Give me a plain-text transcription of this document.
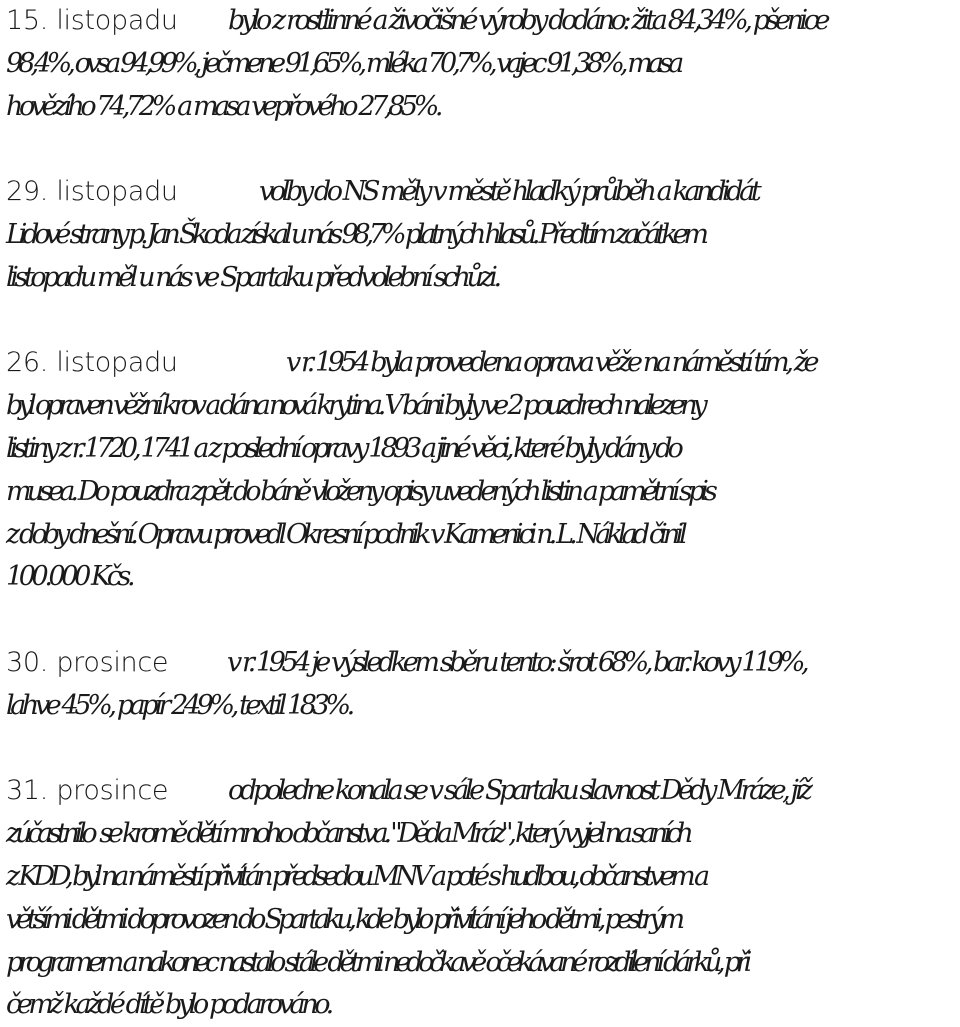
15. listopadu bylo z rostlinné a živočišné výroby dodáno: žita 84,34%, pšenice
98,4%, ovsa 94,99%, ječmene 91,65%, mléka 70,7%, vajec 91,38%, masa
hovězího 74,72% a masa vepřového 27,85%.
29. listopadu	volby do NS měly v městě hladký průběh a kandidát
Lidové strany p. Jan Škoda získal u nás 98,7% platných hlasů. Předtím začátkem
listopadu měl u nás ve Spartaku předvolební schůzi.
26. listopadu	v r. 1954 byla provedena oprava věže na náměstí tím, že
byl opraven věžní krov a dána nová krytina. V báni byly ve 2 pouzdrech nalezeny
listiny z r. 1720, 1741 a z poslední opravy 1893 a jiné věci, které byly dány do
musea. Do pouzdra zpět do báně vloženy opisy uvedených listin a pamětní spis
z doby dnešní. Opravu provedl Okresní podnik v Kamenici n. L. Náklad činil
100.000 Kčs.
30. prosince v r. 1954 je výsledkem sběru tento: šrot 68%, bar. kovy 119%,
lahve 45%, papír 249%, textil 183%.
31. prosince odpoledne konala se v sále Spartaku slavnost Dědy Mráze, jíž
zúčastnilo  se kromě dětí mnoho občanstva. "Děda Mráz", který vyjel na saních
z KDD, byl na náměstí přivítán předsedou MNV a poté s hudbou, občanstvem a
většími dětmi doprovozen do Spartaku, kde bylo přivítání jeho dětmi, pestrým
programem a nakonec nastalo stále dětmi nedočkavě očekávané rozdílení dárků, při
čemž každé dítě bylo podarováno.
